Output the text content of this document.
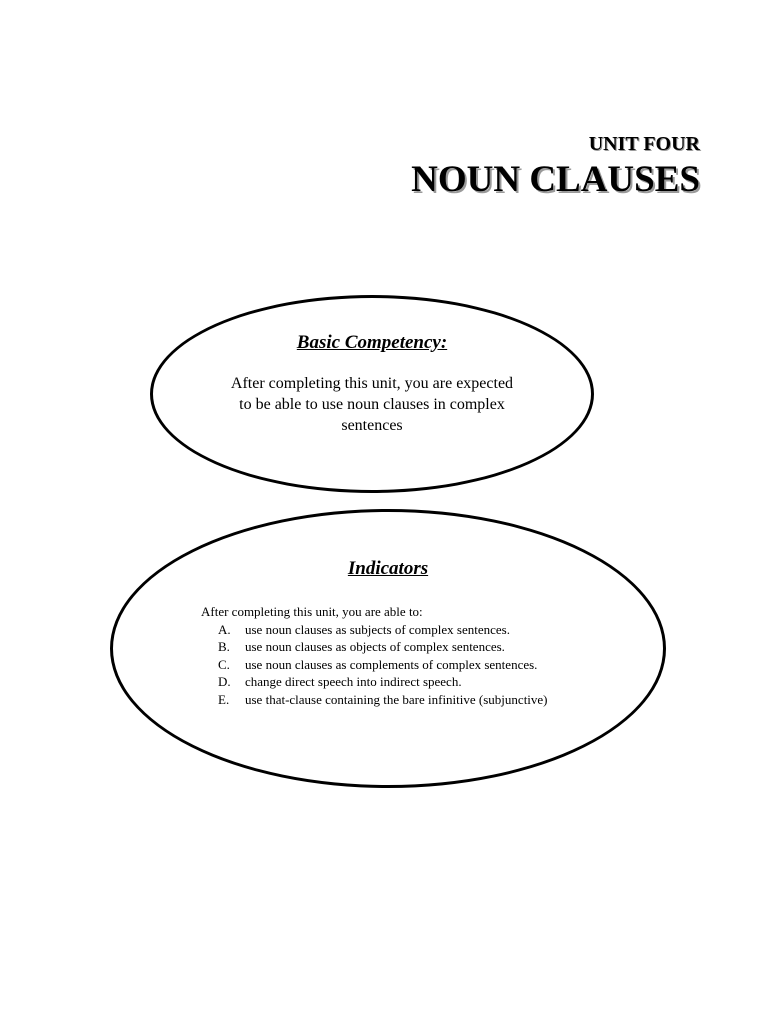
UNIT FOUR
NOUN CLAUSES
Basic Competency:
After completing this unit, you are expected to be able to use noun clauses in complex sentences
Indicators

After completing this unit, you are able to:

A.	use noun clauses as subjects of complex sentences.
B.	use noun clauses as objects of complex sentences.
C.	use noun clauses as complements of complex sentences.
D.	change direct speech into indirect speech.
E.	use that-clause containing the bare infinitive (subjunctive)
